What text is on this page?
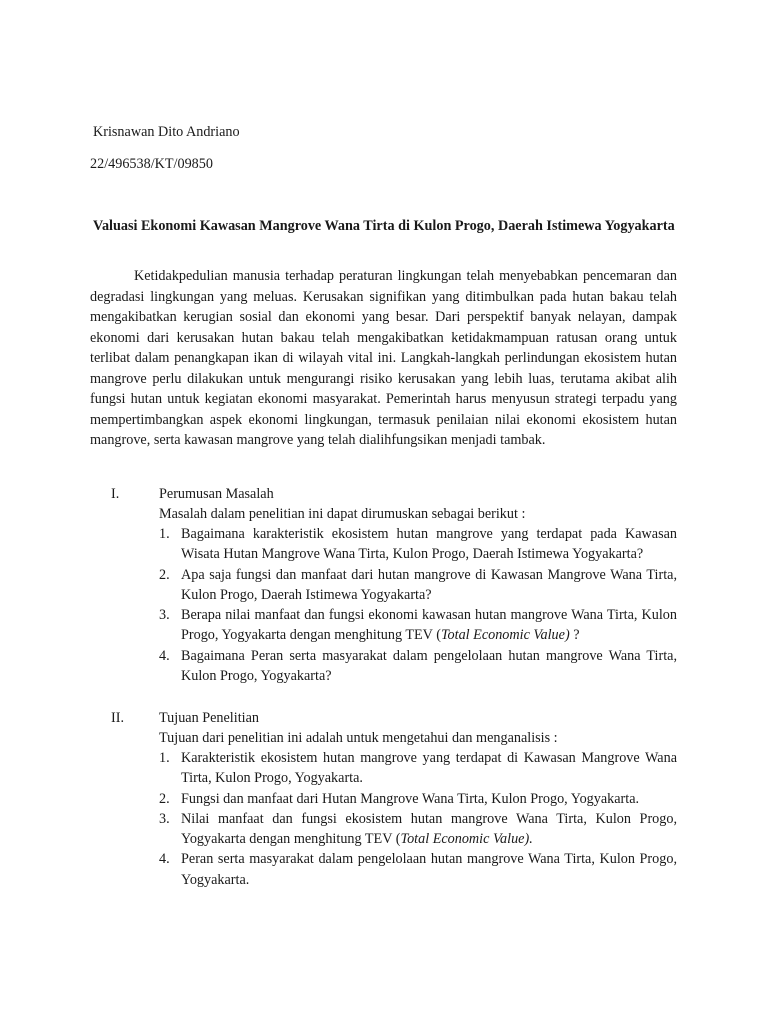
Krisnawan Dito Andriano
22/496538/KT/09850
Valuasi Ekonomi Kawasan Mangrove Wana Tirta di Kulon Progo, Daerah Istimewa Yogyakarta
Ketidakpedulian manusia terhadap peraturan lingkungan telah menyebabkan pencemaran dan degradasi lingkungan yang meluas. Kerusakan signifikan yang ditimbulkan pada hutan bakau telah mengakibatkan kerugian sosial dan ekonomi yang besar. Dari perspektif banyak nelayan, dampak ekonomi dari kerusakan hutan bakau telah mengakibatkan ketidakmampuan ratusan orang untuk terlibat dalam penangkapan ikan di wilayah vital ini. Langkah-langkah perlindungan ekosistem hutan mangrove perlu dilakukan untuk mengurangi risiko kerusakan yang lebih luas, terutama akibat alih fungsi hutan untuk kegiatan ekonomi masyarakat. Pemerintah harus menyusun strategi terpadu yang mempertimbangkan aspek ekonomi lingkungan, termasuk penilaian nilai ekonomi ekosistem hutan mangrove, serta kawasan mangrove yang telah dialihfungsikan menjadi tambak.
I.	Perumusan Masalah
Masalah dalam penelitian ini dapat dirumuskan sebagai berikut :
1. Bagaimana karakteristik ekosistem hutan mangrove yang terdapat pada Kawasan Wisata Hutan Mangrove Wana Tirta, Kulon Progo, Daerah Istimewa Yogyakarta?
2. Apa saja fungsi dan manfaat dari hutan mangrove di Kawasan Mangrove Wana Tirta, Kulon Progo, Daerah Istimewa Yogyakarta?
3. Berapa nilai manfaat dan fungsi ekonomi kawasan hutan mangrove Wana Tirta, Kulon Progo, Yogyakarta dengan menghitung TEV (Total Economic Value) ?
4. Bagaimana Peran serta masyarakat dalam pengelolaan hutan mangrove Wana Tirta, Kulon Progo, Yogyakarta?
II. Tujuan Penelitian
Tujuan dari penelitian ini adalah untuk mengetahui dan menganalisis :
1. Karakteristik ekosistem hutan mangrove yang terdapat di Kawasan Mangrove Wana Tirta, Kulon Progo, Yogyakarta.
2. Fungsi dan manfaat dari Hutan Mangrove Wana Tirta, Kulon Progo, Yogyakarta.
3. Nilai manfaat dan fungsi ekosistem hutan mangrove Wana Tirta, Kulon Progo, Yogyakarta dengan menghitung TEV (Total Economic Value).
4. Peran serta masyarakat dalam pengelolaan hutan mangrove Wana Tirta, Kulon Progo, Yogyakarta.
